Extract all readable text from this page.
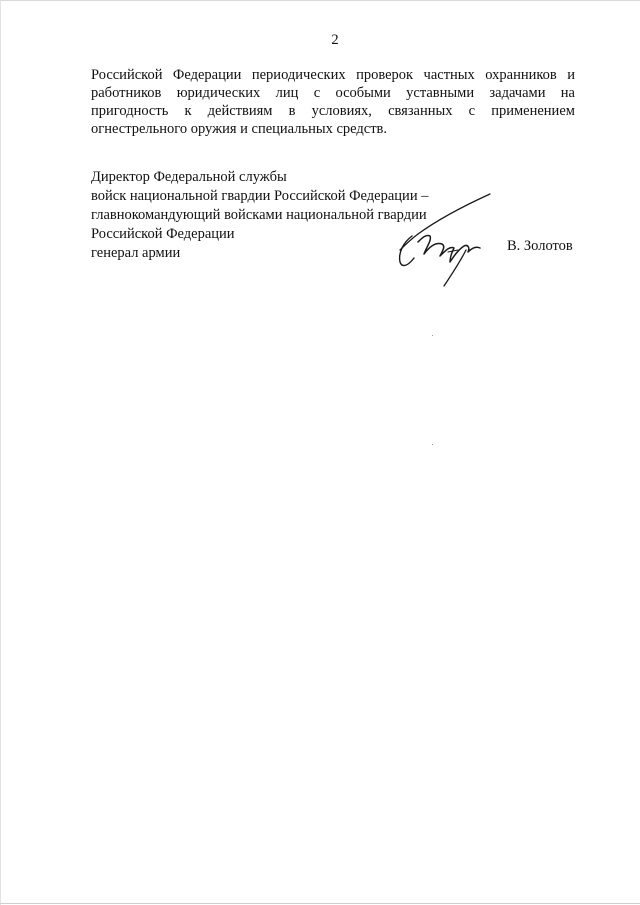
2
Российской Федерации периодических проверок частных охранников и
работников юридических лиц с особыми уставными задачами на
пригодность к действиям в условиях, связанных с применением
огнестрельного оружия и специальных средств.
Директор Федеральной службы
войск национальной гвардии Российской Федерации –
главнокомандующий войсками национальной гвардии
Российской Федерации
генерал армии	В. Золотов
